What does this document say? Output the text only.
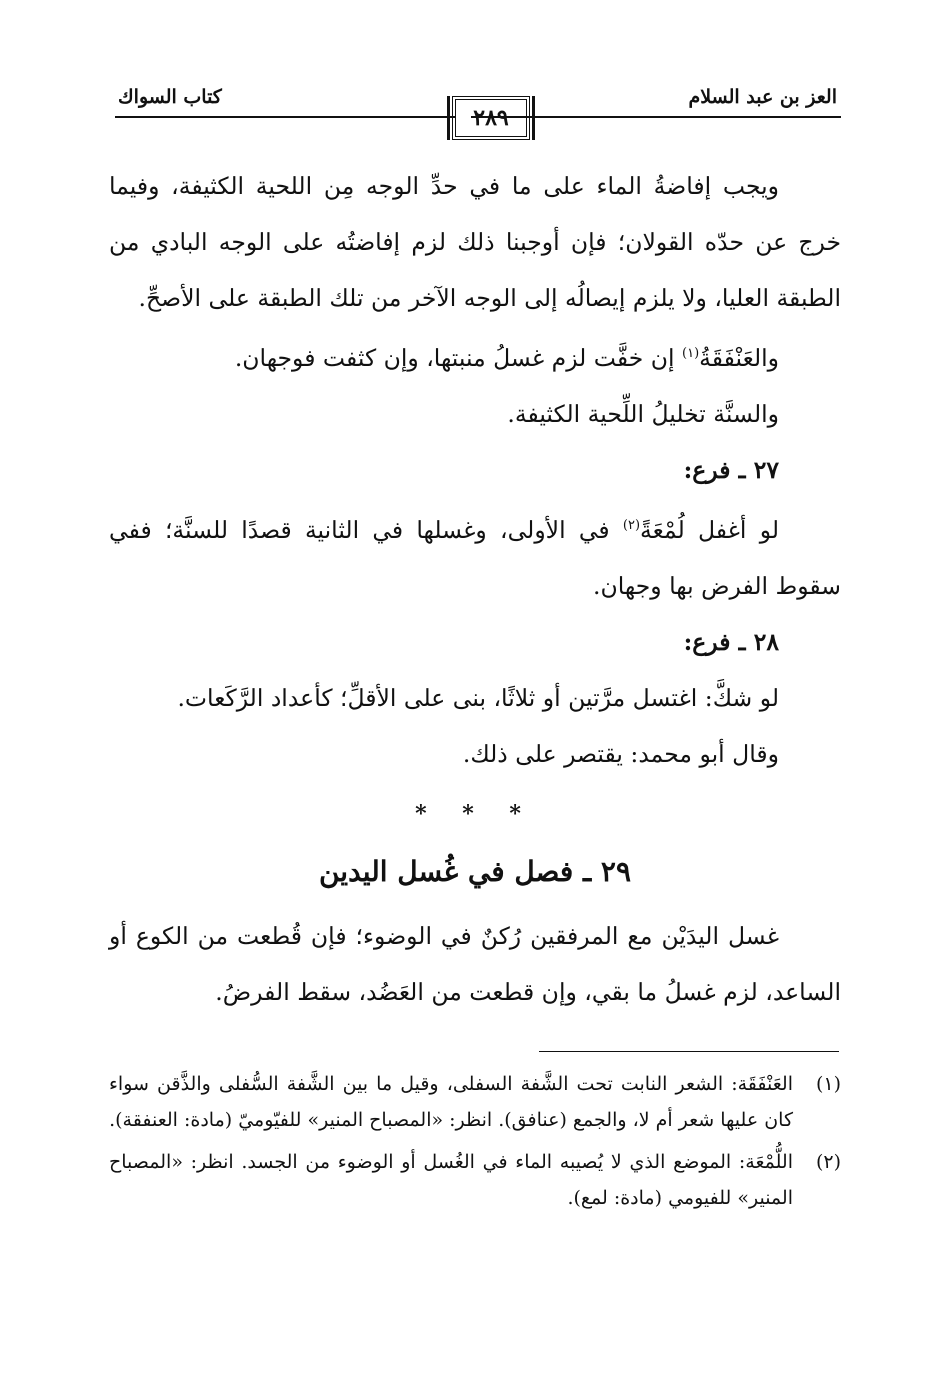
العز بن عبد السلام
كتاب السواك
٢٨٩

ويجب إفاضةُ الماء على ما في حدِّ الوجه مِن اللحية الكثيفة، وفيما خرج عن حدّه القولان؛ فإن أوجبنا ذلك لزم إفاضتُه على الوجه البادي من الطبقة العليا، ولا يلزم إيصالُه إلى الوجه الآخر من تلك الطبقة على الأصحِّ.

والعَنْفَقَةُ$^{(١)}$ إن خفَّت لزم غسلُ منبتها، وإن كثفت فوجهان.

والسنَّة تخليلُ اللِّحية الكثيفة.

٢٧ ـ فرع:

لو أغفل لُمْعَةً$^{(٢)}$ في الأولى، وغسلها في الثانية قصدًا للسنَّة؛ ففي سقوط الفرض بها وجهان.

٢٨ ـ فرع:

لو شكَّ: اغتسل مرَّتين أو ثلاثًا، بنى على الأقلِّ؛ كأعداد الرَّكَعات.

وقال أبو محمد: يقتصر على ذلك.

* * *
٢٩ ـ فصل في غُسل اليدين

غسل اليدَيْن مع المرفقين رُكنٌ في الوضوء؛ فإن قُطعت من الكوع أو الساعد، لزم غسلُ ما بقي، وإن قطعت من العَضُد، سقط الفرضُ.

(١)
العَنْفَقَة: الشعر النابت تحت الشَّفة السفلى، وقيل ما بين الشَّفة السُّفلى والذَّقن سواء كان عليها شعر أم لا، والجمع (عنافق). انظر: «المصباح المنير» للفيّوميّ (مادة: العنفقة).

(٢)
اللُّمْعَة: الموضع الذي لا يُصيبه الماء في الغُسل أو الوضوء من الجسد. انظر: «المصباح المنير» للفيومي (مادة: لمع).
